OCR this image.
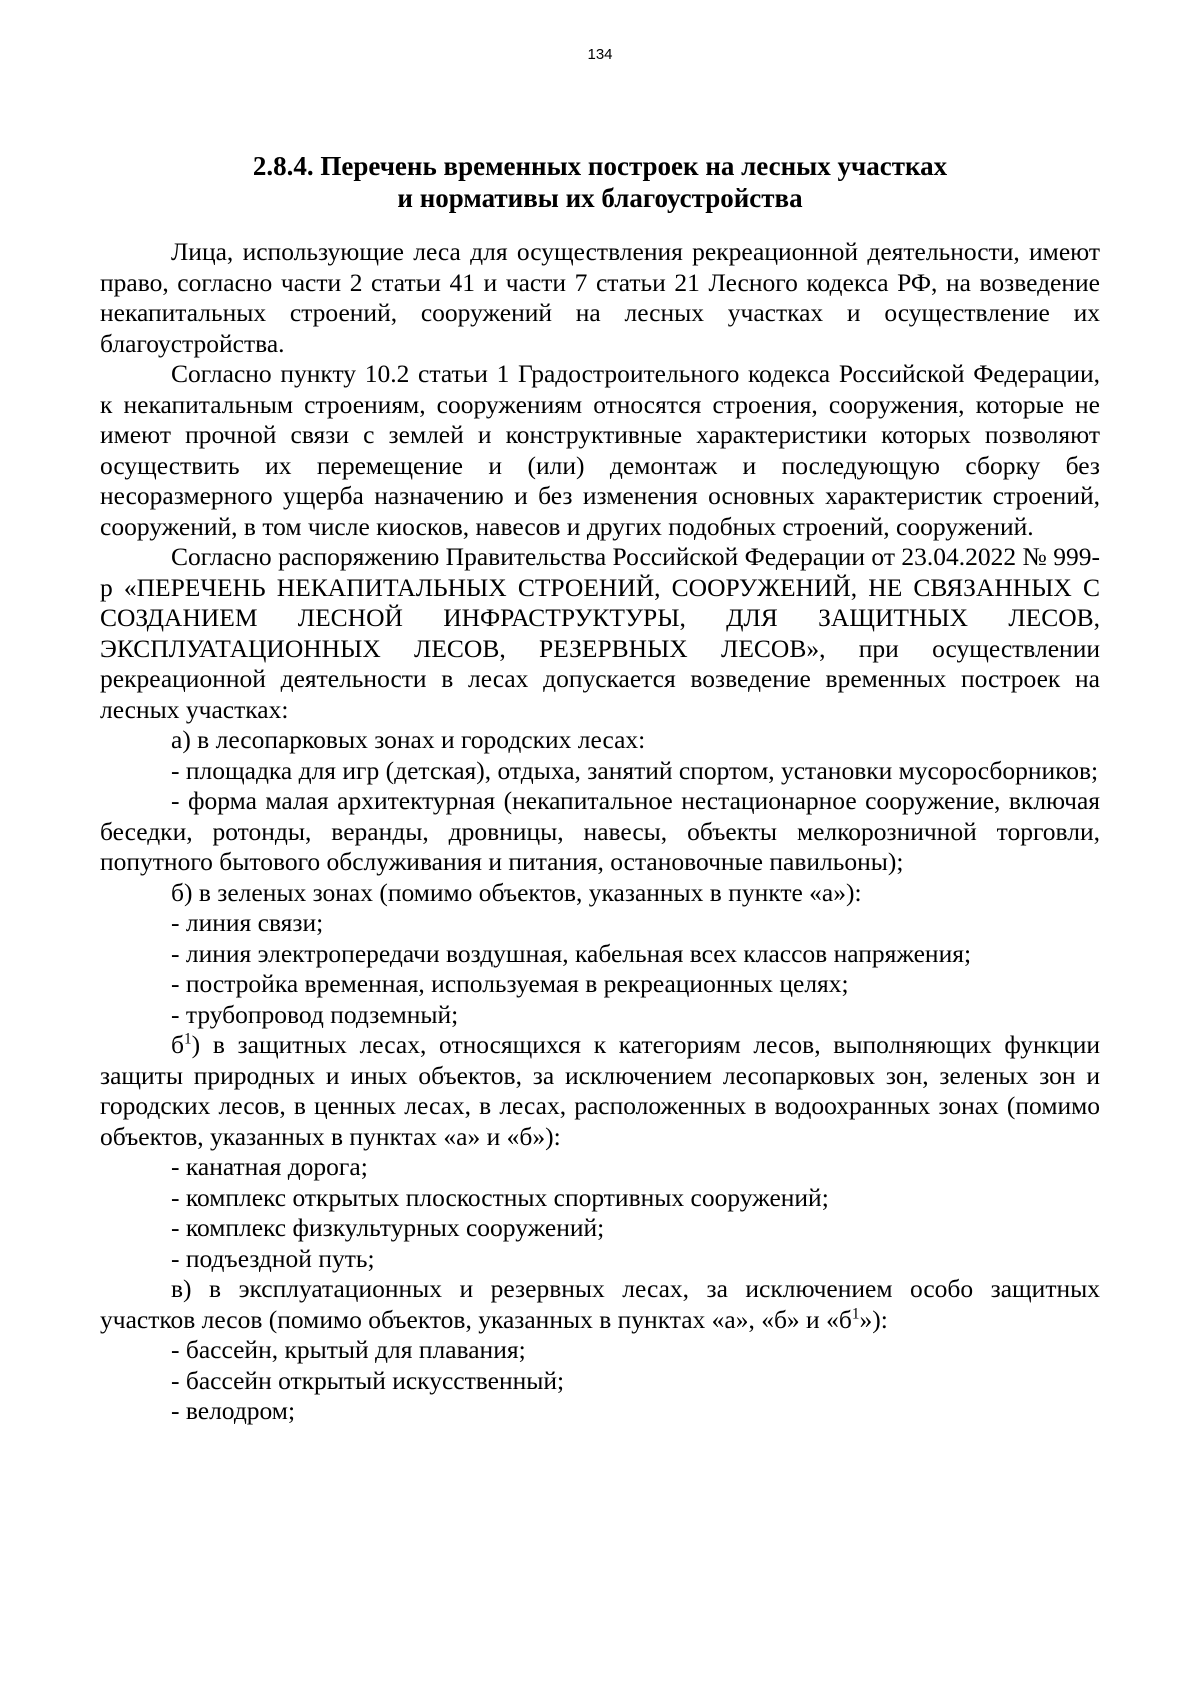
134
2.8.4. Перечень временных построек на лесных участках
и нормативы их благоустройства

Лица, использующие леса для осуществления рекреационной деятельности, имеют право, согласно части 2 статьи 41 и части 7 статьи 21 Лесного кодекса РФ, на возведение некапитальных строений, сооружений на лесных участках и осуществление их благоустройства.

Согласно пункту 10.2 статьи 1 Градостроительного кодекса Российской Федерации, к некапитальным строениям, сооружениям относятся строения, сооружения, которые не имеют прочной связи с землей и конструктивные характеристики которых позволяют осуществить их перемещение и (или) демонтаж и последующую сборку без несоразмерного ущерба назначению и без изменения основных характеристик строений, сооружений, в том числе киосков, навесов и других подобных строений, сооружений.

Согласно распоряжению Правительства Российской Федерации от 23.04.2022 № 999-р «ПЕРЕЧЕНЬ НЕКАПИТАЛЬНЫХ СТРОЕНИЙ, СООРУЖЕНИЙ, НЕ СВЯЗАННЫХ С СОЗДАНИЕМ ЛЕСНОЙ ИНФРАСТРУКТУРЫ, ДЛЯ ЗАЩИТНЫХ ЛЕСОВ, ЭКСПЛУАТАЦИОННЫХ ЛЕСОВ, РЕЗЕРВНЫХ ЛЕСОВ», при осуществлении рекреационной деятельности в лесах допускается возведение временных построек на лесных участках:

а) в лесопарковых зонах и городских лесах:

- площадка для игр (детская), отдыха, занятий спортом, установки мусоросборников;

- форма малая архитектурная (некапитальное нестационарное сооружение, включая беседки, ротонды, веранды, дровницы, навесы, объекты мелкорозничной торговли, попутного бытового обслуживания и питания, остановочные павильоны);

б) в зеленых зонах (помимо объектов, указанных в пункте «а»):

- линия связи;

- линия электропередачи воздушная, кабельная всех классов напряжения;

- постройка временная, используемая в рекреационных целях;

- трубопровод подземный;

$б^1$) в защитных лесах, относящихся к категориям лесов, выполняющих функции защиты природных и иных объектов, за исключением лесопарковых зон, зеленых зон и городских лесов, в ценных лесах, в лесах, расположенных в водоохранных зонах (помимо объектов, указанных в пунктах «а» и «б»):

- канатная дорога;

- комплекс открытых плоскостных спортивных сооружений;

- комплекс физкультурных сооружений;

- подъездной путь;

в) в эксплуатационных и резервных лесах, за исключением особо защитных участков лесов (помимо объектов, указанных в пунктах «а», «б» и «$б^1$»):

- бассейн, крытый для плавания;

- бассейн открытый искусственный;

- велодром;
